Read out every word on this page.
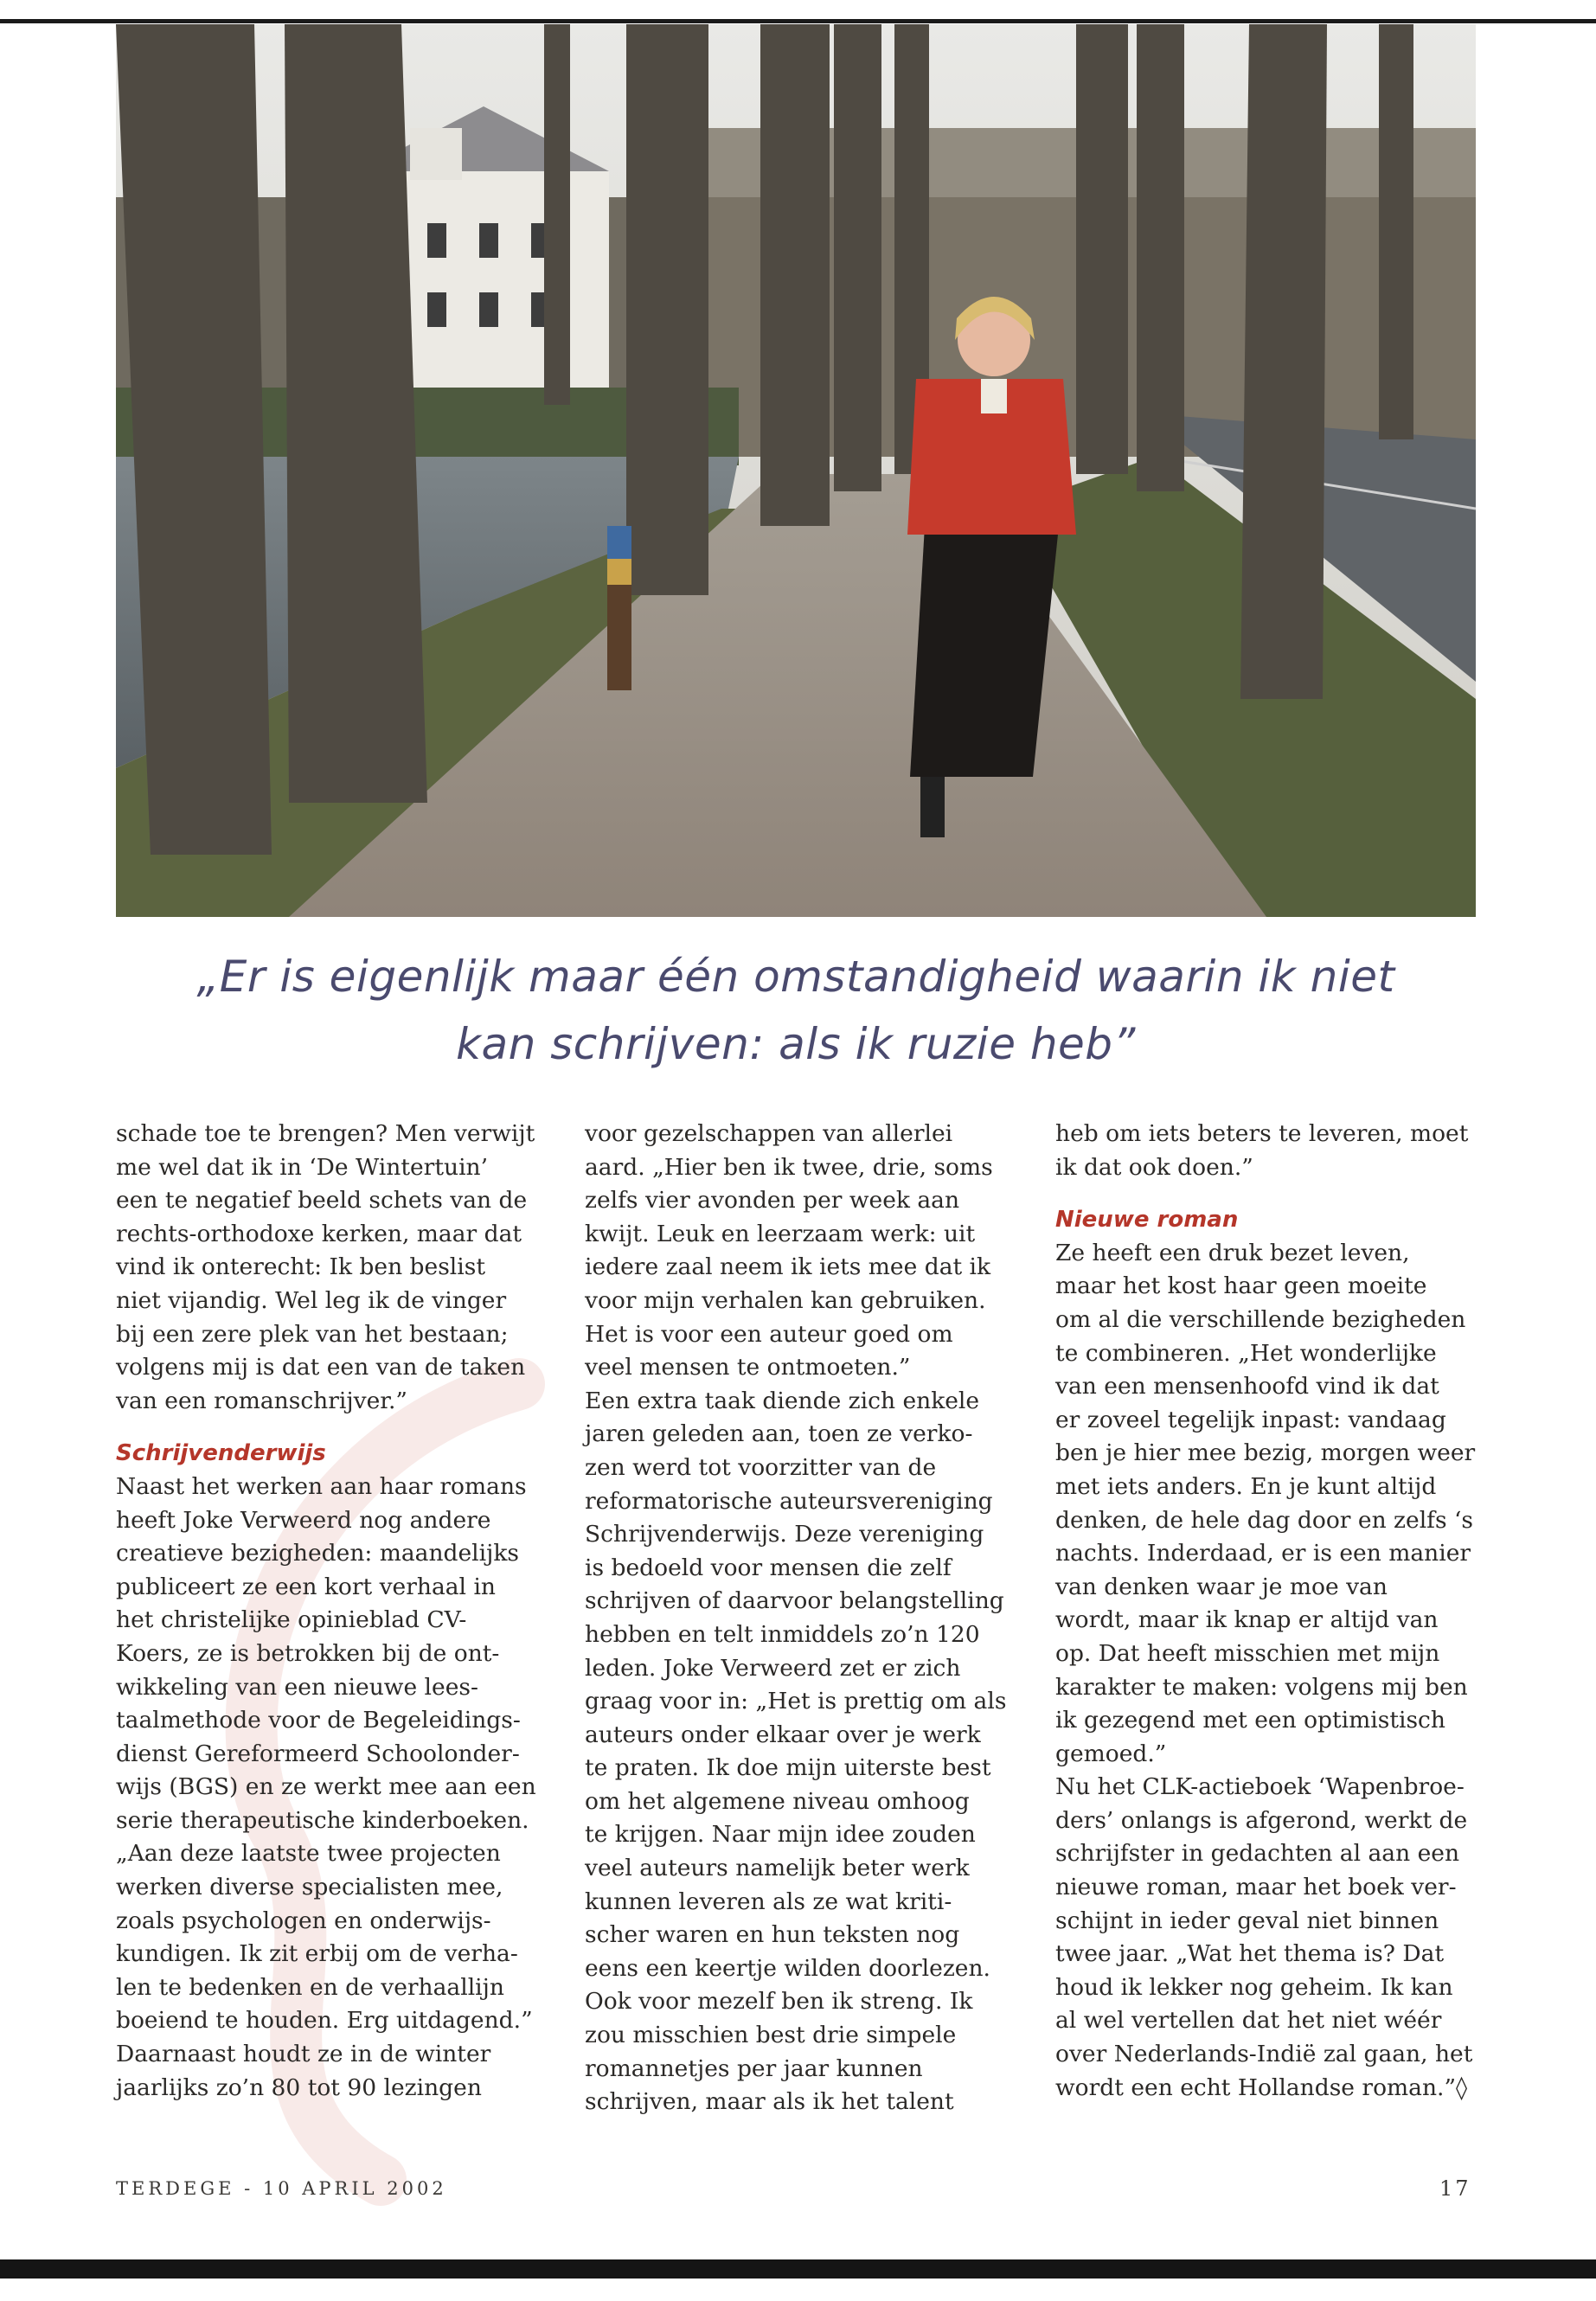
„Er is eigenlijk maar één omstandigheid waarin ik niet
kan schrijven: als ik ruzie heb”
schade toe te brengen? Men verwijt
me wel dat ik in ‘De Wintertuin’
een te negatief beeld schets van de
rechts-orthodoxe kerken, maar dat
vind ik onterecht: Ik ben beslist
niet vijandig. Wel leg ik de vinger
bij een zere plek van het bestaan;
volgens mij is dat een van de taken
van een romanschrijver.”
Schrijvenderwijs
Naast het werken aan haar romans
heeft Joke Verweerd nog andere
creatieve bezigheden: maandelijks
publiceert ze een kort verhaal in
het christelijke opinieblad CV-
Koers, ze is betrokken bij de ont-
wikkeling van een nieuwe lees-
taalmethode voor de Begeleidings-
dienst Gereformeerd Schoolonder-
wijs (BGS) en ze werkt mee aan een
serie therapeutische kinderboeken.
„Aan deze laatste twee projecten
werken diverse specialisten mee,
zoals psychologen en onderwijs-
kundigen. Ik zit erbij om de verha-
len te bedenken en de verhaallijn
boeiend te houden. Erg uitdagend.”
Daarnaast houdt ze in de winter
jaarlijks zo’n 80 tot 90 lezingen
voor gezelschappen van allerlei
aard. „Hier ben ik twee, drie, soms
zelfs vier avonden per week aan
kwijt. Leuk en leerzaam werk: uit
iedere zaal neem ik iets mee dat ik
voor mijn verhalen kan gebruiken.
Het is voor een auteur goed om
veel mensen te ontmoeten.”
Een extra taak diende zich enkele
jaren geleden aan, toen ze verko-
zen werd tot voorzitter van de
reformatorische auteursvereniging
Schrijvenderwijs. Deze vereniging
is bedoeld voor mensen die zelf
schrijven of daarvoor belangstelling
hebben en telt inmiddels zo’n 120
leden. Joke Verweerd zet er zich
graag voor in: „Het is prettig om als
auteurs onder elkaar over je werk
te praten. Ik doe mijn uiterste best
om het algemene niveau omhoog
te krijgen. Naar mijn idee zouden
veel auteurs namelijk beter werk
kunnen leveren als ze wat kriti-
scher waren en hun teksten nog
eens een keertje wilden doorlezen.
Ook voor mezelf ben ik streng. Ik
zou misschien best drie simpele
romannetjes per jaar kunnen
schrijven, maar als ik het talent
heb om iets beters te leveren, moet
ik dat ook doen.”
Nieuwe roman
Ze heeft een druk bezet leven,
maar het kost haar geen moeite
om al die verschillende bezigheden
te combineren. „Het wonderlijke
van een mensenhoofd vind ik dat
er zoveel tegelijk inpast: vandaag
ben je hier mee bezig, morgen weer
met iets anders. En je kunt altijd
denken, de hele dag door en zelfs ‘s
nachts. Inderdaad, er is een manier
van denken waar je moe van
wordt, maar ik knap er altijd van
op. Dat heeft misschien met mijn
karakter te maken: volgens mij ben
ik gezegend met een optimistisch
gemoed.”
Nu het CLK-actieboek ‘Wapenbroe-
ders’ onlangs is afgerond, werkt de
schrijfster in gedachten al aan een
nieuwe roman, maar het boek ver-
schijnt in ieder geval niet binnen
twee jaar. „Wat het thema is? Dat
houd ik lekker nog geheim. Ik kan
al wel vertellen dat het niet wéér
over Nederlands-Indië zal gaan, het
wordt een echt Hollandse roman.”◊
TERDEGE - 10 APRIL 2002	17
